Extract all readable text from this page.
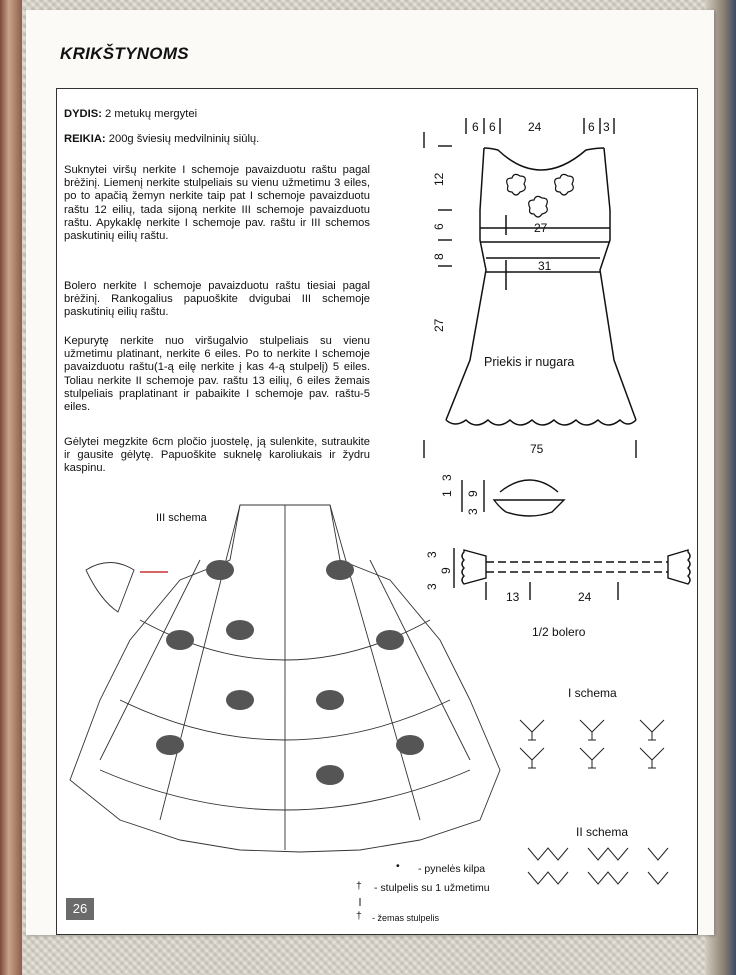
KRIKŠTYNOMS
DYDIS: 2 metukų mergytei
REIKIA: 200g šviesių medvilninių siūlų.
Suknytei viršų nerkite I schemoje pavaizduotu raštu pagal brėžinį. Liemenį nerkite stulpeliais su vienu užmetimu 3 eiles, po to apačią žemyn nerkite taip pat I schemoje pavaizduotu raštu 12 eilių, tada sijoną nerkite III schemoje pavaizduotu raštu. Apykaklę nerkite I schemoje pav. raštu ir III schemos paskutinių eilių raštu.
Bolero nerkite I schemoje pavaizduotu raštu tiesiai pagal brėžinį. Rankogalius papuoškite dvigubai III schemoje paskutinių eilių raštu.
Kepurytę nerkite nuo viršugalvio stulpeliais su vienu užmetimu platinant, nerkite 6 eiles. Po to nerkite I schemoje pavaizduotu raštu(1-ą eilę nerkite į kas 4-ą stulpelį) 5 eiles. Toliau nerkite II schemoje pav. raštu 13 eilių, 6 eiles žemais stulpeliais praplatinant ir pabaikite I schemoje pav. raštu-5 eiles.
Gėlytei megzkite 6cm pločio juostelę, ją sulenkite, sutraukite ir gausite gėlytę. Papuoškite suknelę karoliukais ir žydru kaspinu.
6 6	24	6 3
12
6
8
27
27
31
Priekis ir nugara
75
1
3
3
9
3
9
3
13	24
1/2 bolero
I schema
II schema
III schema
• - pynelės kilpa
† - stulpelis su 1 užmetimu
† - žemas stulpelis
26
